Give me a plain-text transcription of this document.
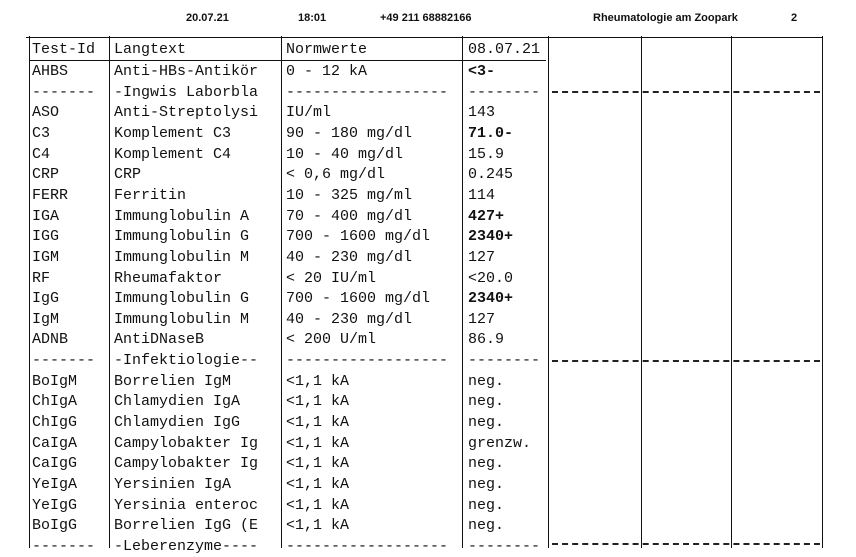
20.07.21	18:01	+49 211 68882166	Rheumatologie am Zoopark	2
Test-Id	Langtext	Normwerte	08.07.21
AHBS	Anti-HBs-Antikör	0 - 12 kA	<3-
-------	-Ingwis Laborbla	------------------	--------
ASO	Anti-Streptolysi	IU/ml	143
C3	Komplement C3	90 - 180 mg/dl	71.0-
C4	Komplement C4	10 - 40 mg/dl	15.9
CRP	CRP	< 0,6 mg/dl	0.245
FERR	Ferritin	10 - 325 mg/ml	114
IGA	Immunglobulin A	70 - 400 mg/dl	427+
IGG	Immunglobulin G	700 - 1600 mg/dl	2340+
IGM	Immunglobulin M	40 - 230 mg/dl	127
RF	Rheumafaktor	< 20 IU/ml	<20.0
IgG	Immunglobulin G	700 - 1600 mg/dl	2340+
IgM	Immunglobulin M	40 - 230 mg/dl	127
ADNB	AntiDNaseB	< 200 U/ml	86.9
-------	-Infektiologie--	------------------	--------
BoIgM	Borrelien IgM	<1,1 kA	neg.
ChIgA	Chlamydien IgA	<1,1 kA	neg.
ChIgG	Chlamydien IgG	<1,1 kA	neg.
CaIgA	Campylobakter Ig	<1,1 kA	grenzw.
CaIgG	Campylobakter Ig	<1,1 kA	neg.
YeIgA	Yersinien IgA	<1,1 kA	neg.
YeIgG	Yersinia enteroc	<1,1 kA	neg.
BoIgG	Borrelien IgG (E	<1,1 kA	neg.
-------	-Leberenzyme----	------------------	--------
